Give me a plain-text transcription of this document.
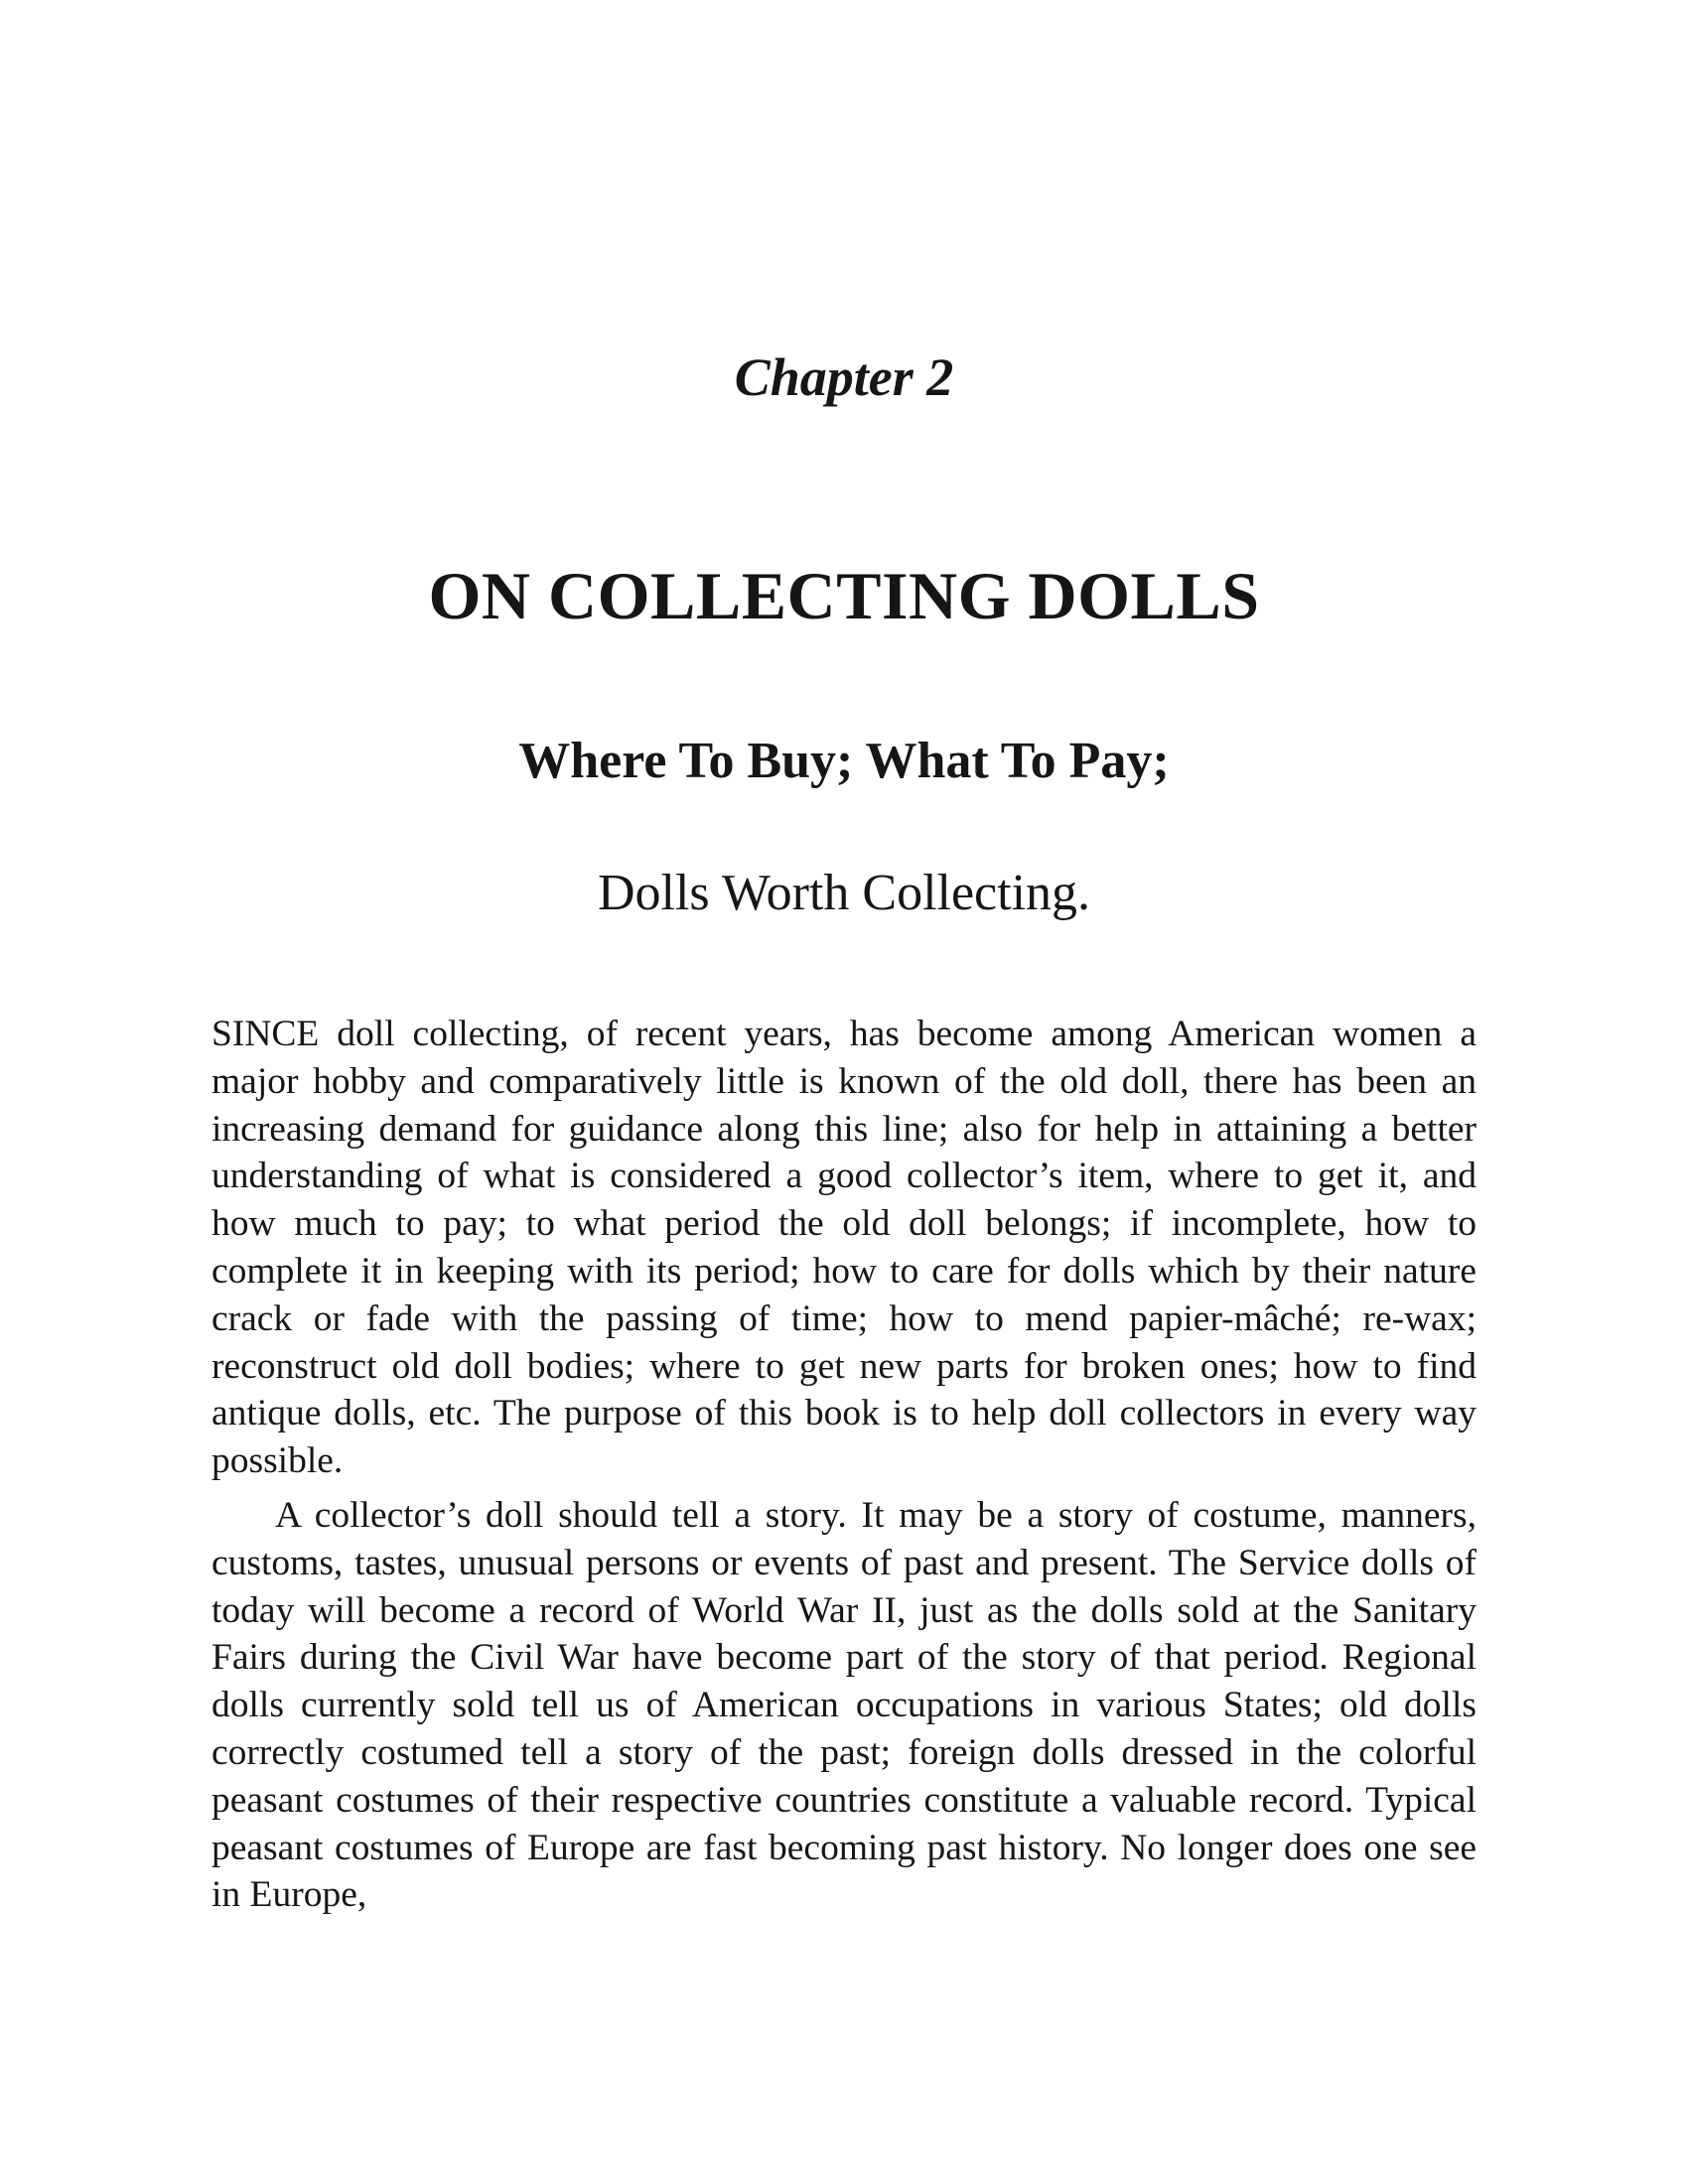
Chapter 2
ON COLLECTING DOLLS
Where To Buy; What To Pay;
Dolls Worth Collecting.

SINCE doll collecting, of recent years, has become among American women a major hobby and comparatively little is known of the old doll, there has been an increasing demand for guidance along this line; also for help in attaining a better understanding of what is considered a good collector’s item, where to get it, and how much to pay; to what period the old doll belongs; if incomplete, how to complete it in keeping with its period; how to care for dolls which by their nature crack or fade with the passing of time; how to mend papier-mâché; re-wax; reconstruct old doll bodies; where to get new parts for broken ones; how to find antique dolls, etc. The purpose of this book is to help doll collectors in every way possible.

A collector’s doll should tell a story. It may be a story of costume, manners, customs, tastes, unusual persons or events of past and present. The Service dolls of today will become a record of World War II, just as the dolls sold at the Sanitary Fairs during the Civil War have become part of the story of that period. Regional dolls currently sold tell us of American occupations in various States; old dolls correctly costumed tell a story of the past; foreign dolls dressed in the colorful peasant costumes of their respective countries constitute a valuable record. Typical peasant costumes of Europe are fast becoming past history. No longer does one see in Europe,
